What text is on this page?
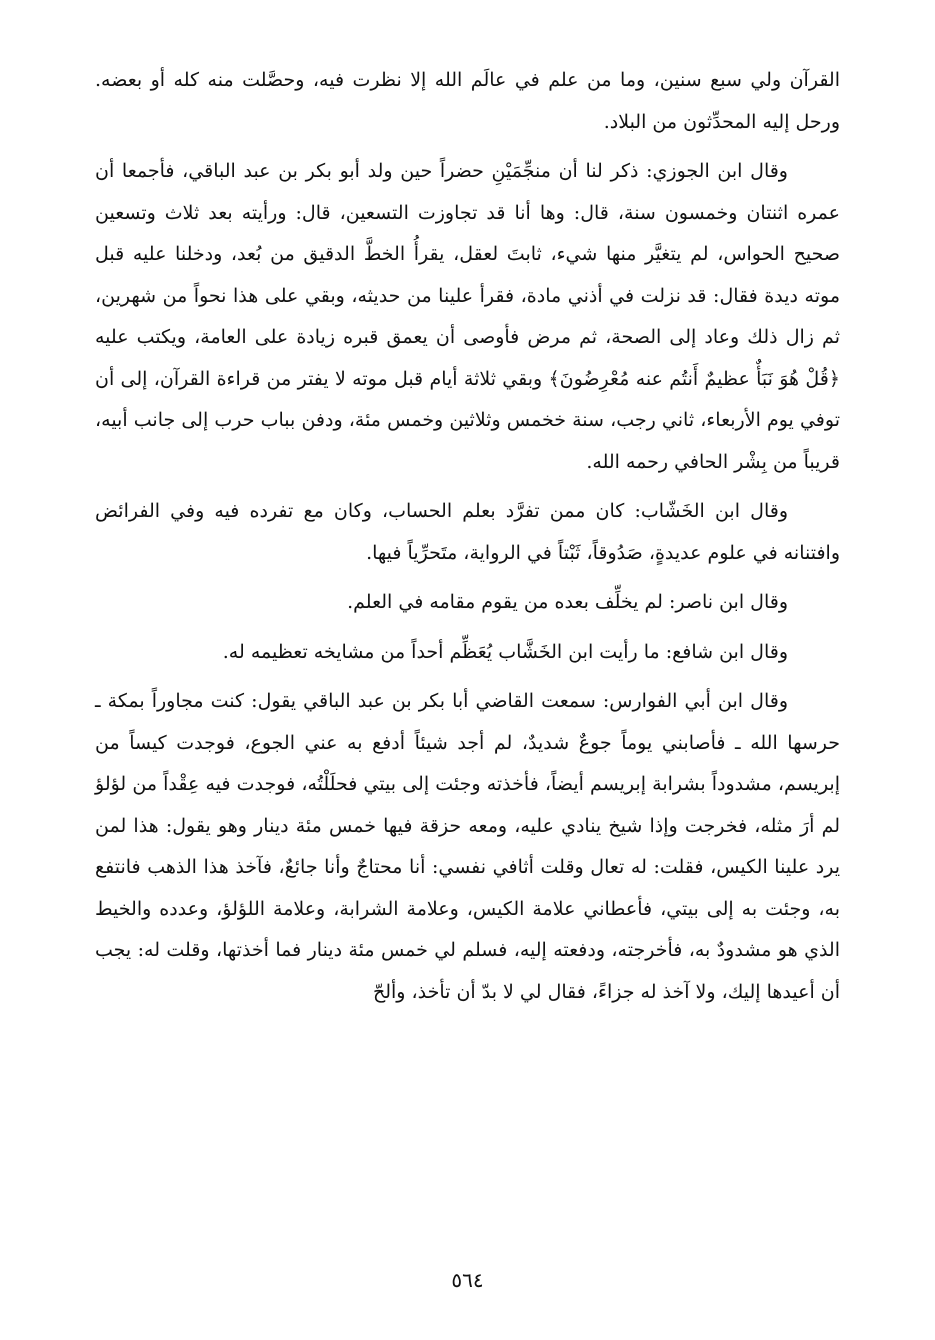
القرآن ولي سبع سنين، وما من علم في عالَم الله إلا نظرت فيه، وحصَّلت منه كله أو بعضه. ورحل إليه المحدِّثون من البلاد.

وقال ابن الجوزي: ذكر لنا أن منجِّمَيْنِ حضراً حين ولد أبو بكر بن عبد الباقي، فأجمعا أن عمره اثنتان وخمسون سنة، قال: وها أنا قد تجاوزت التسعين، قال: ورأيته بعد ثلاث وتسعين صحيح الحواس، لم يتغيَّر منها شيء، ثابتَ لعقل، يقرأُ الخطَّ الدقيق من بُعد، ودخلنا عليه قبل موته ديدة فقال: قد نزلت في أذني مادة، فقرأ علينا من حديثه، وبقي على هذا نحواً من شهرين، ثم زال ذلك وعاد إلى الصحة، ثم مرض فأوصى أن يعمق قبره زيادة على العامة، ويكتب عليه ﴿قُلْ هُوَ نَبَأٌ عظيمٌ أَنتُم عنه مُعْرِضُونَ﴾ وبقي ثلاثة أيام قبل موته لا يفتر من قراءة القرآن، إلى أن توفي يوم الأربعاء، ثاني رجب، سنة خخمس وثلاثين وخمس مئة، ودفن بباب حرب إلى جانب أبيه، قريباً من بِشْر الحافي رحمه الله.

وقال ابن الخَشّاب: كان ممن تفرَّد بعلم الحساب، وكان مع تفرده فيه وفي الفرائض وافتنانه في علوم عديدةٍ، صَدُوقاً، ثَبْتاً في الرواية، متَحرِّياً فيها.

وقال ابن ناصر: لم يخلِّف بعده من يقوم مقامه في العلم.

وقال ابن شافع: ما رأيت ابن الخَشَّاب يُعَظِّم أحداً من مشايخه تعظيمه له.

وقال ابن أبي الفوارس: سمعت القاضي أبا بكر بن عبد الباقي يقول: كنت مجاوراً بمكة ـ حرسها الله ـ فأصابني يوماً جوعٌ شديدٌ، لم أجد شيئاً أدفع به عني الجوع، فوجدت كيساً من إبريسم، مشدوداً بشرابة إبريسم أيضاً، فأخذته وجئت إلى بيتي فحلَلْتُه، فوجدت فيه عِقْداً من لؤلؤ لم أرَ مثله، فخرجت وإذا شيخ ينادي عليه، ومعه حزقة فيها خمس مئة دينار وهو يقول: هذا لمن يرد علينا الكيس، فقلت: له تعال وقلت أثافي نفسي: أنا محتاجٌ وأنا جائعٌ، فآخذ هذا الذهب فانتفع به، وجئت به إلى بيتي، فأعطاني علامة الكيس، وعلامة الشرابة، وعلامة اللؤلؤ، وعدده والخيط الذي هو مشدودٌ به، فأخرجته، ودفعته إليه، فسلم لي خمس مئة دينار فما أخذتها، وقلت له: يجب أن أعيدها إليك، ولا آخذ له جزاءً، فقال لي لا بدّ أن تأخذ، وألحّ

٥٦٤
